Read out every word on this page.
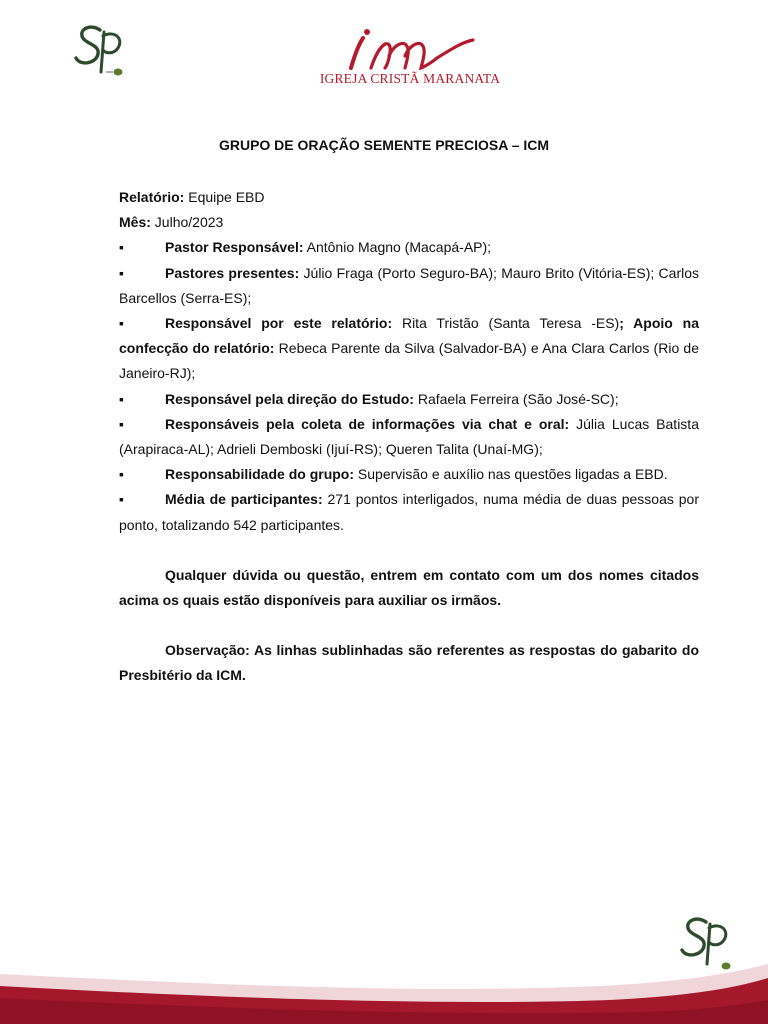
IGREJA CRISTÃ MARANATA
GRUPO DE ORAÇÃO SEMENTE PRECIOSA – ICM

Relatório: Equipe EBD

Mês: Julho/2023

▪	Pastor Responsável: Antônio Magno (Macapá-AP);

▪	Pastores presentes: Júlio Fraga (Porto Seguro-BA); Mauro Brito (Vitória-ES); Carlos Barcellos (Serra-ES);

▪	Responsável por este relatório: Rita Tristão (Santa Teresa -ES); Apoio na confecção do relatório: Rebeca Parente da Silva (Salvador-BA) e Ana Clara Carlos (Rio de Janeiro-RJ);

▪	Responsável pela direção do Estudo: Rafaela Ferreira (São José-SC);

▪	Responsáveis pela coleta de informações via chat e oral: Júlia Lucas Batista (Arapiraca-AL); Adrieli Demboski (Ijuí-RS); Queren Talita (Unaí-MG);

▪	Responsabilidade do grupo: Supervisão e auxílio nas questões ligadas a EBD.

▪	Média de participantes: 271 pontos interligados, numa média de duas pessoas por ponto, totalizando 542 participantes.

Qualquer dúvida ou questão, entrem em contato com um dos nomes citados acima os quais estão disponíveis para auxiliar os irmãos.

Observação: As linhas sublinhadas são referentes as respostas do gabarito do Presbitério da ICM.
